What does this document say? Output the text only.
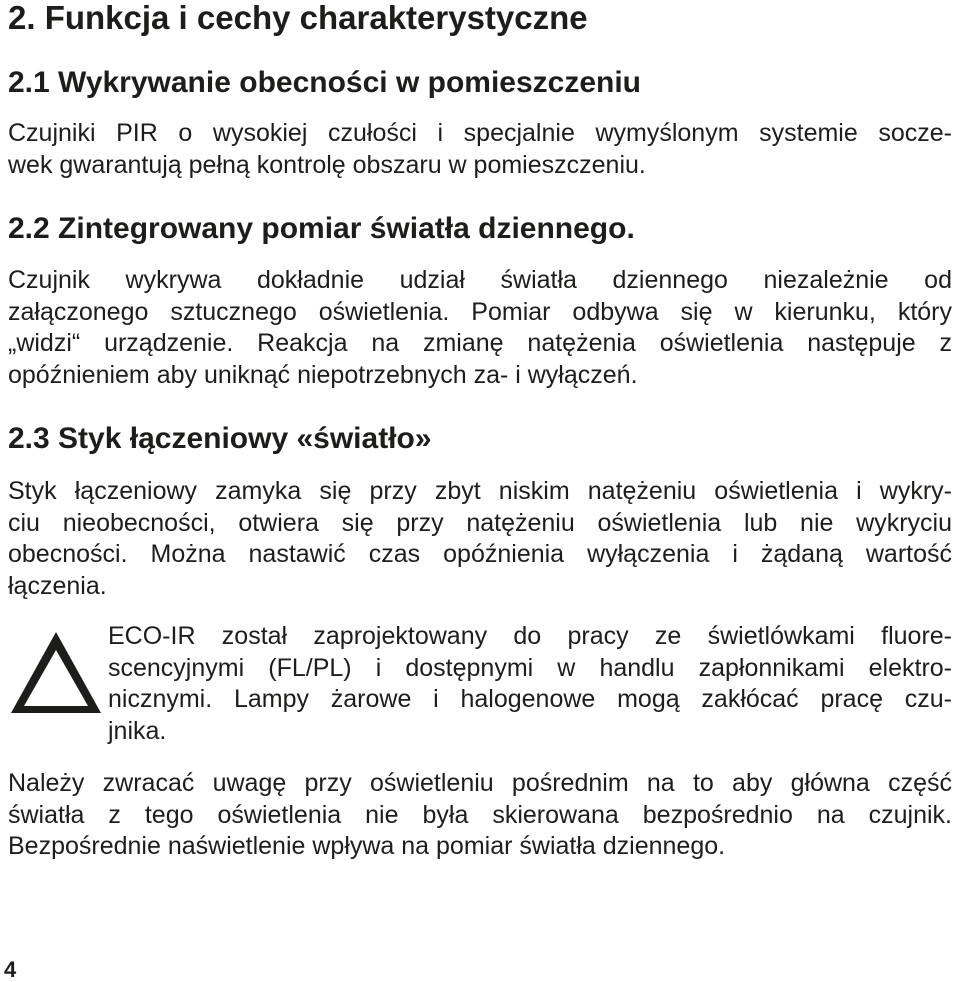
2. Funkcja i cechy charakterystyczne
2.1 Wykrywanie obecności w pomieszczeniu
Czujniki PIR o wysokiej czułości i specjalnie wymyślonym systemie socze-
wek gwarantują pełną kontrolę obszaru w pomieszczeniu.
2.2 Zintegrowany pomiar światła dziennego.
Czujnik wykrywa dokładnie udział światła dziennego niezależnie od
załączonego sztucznego oświetlenia. Pomiar odbywa się w kierunku, który
„widzi“ urządzenie. Reakcja na zmianę natężenia oświetlenia następuje z
opóźnieniem aby uniknąć niepotrzebnych za- i wyłączeń.
2.3 Styk łączeniowy «światło»
Styk łączeniowy zamyka się przy zbyt niskim natężeniu oświetlenia i wykry-
ciu nieobecności, otwiera się przy natężeniu oświetlenia lub nie wykryciu
obecności. Można nastawić czas opóźnienia wyłączenia i żądaną wartość
łączenia.
ECO-IR został zaprojektowany do pracy ze świetlówkami fluore-
scencyjnymi (FL/PL) i dostępnymi w handlu zapłonnikami elektro-
nicznymi. Lampy żarowe i halogenowe mogą zakłócać pracę czu-
jnika.
Należy zwracać uwagę przy oświetleniu pośrednim na to aby główna część
światła z tego oświetlenia nie była skierowana bezpośrednio na czujnik.
Bezpośrednie naświetlenie wpływa na pomiar światła dziennego.
4
